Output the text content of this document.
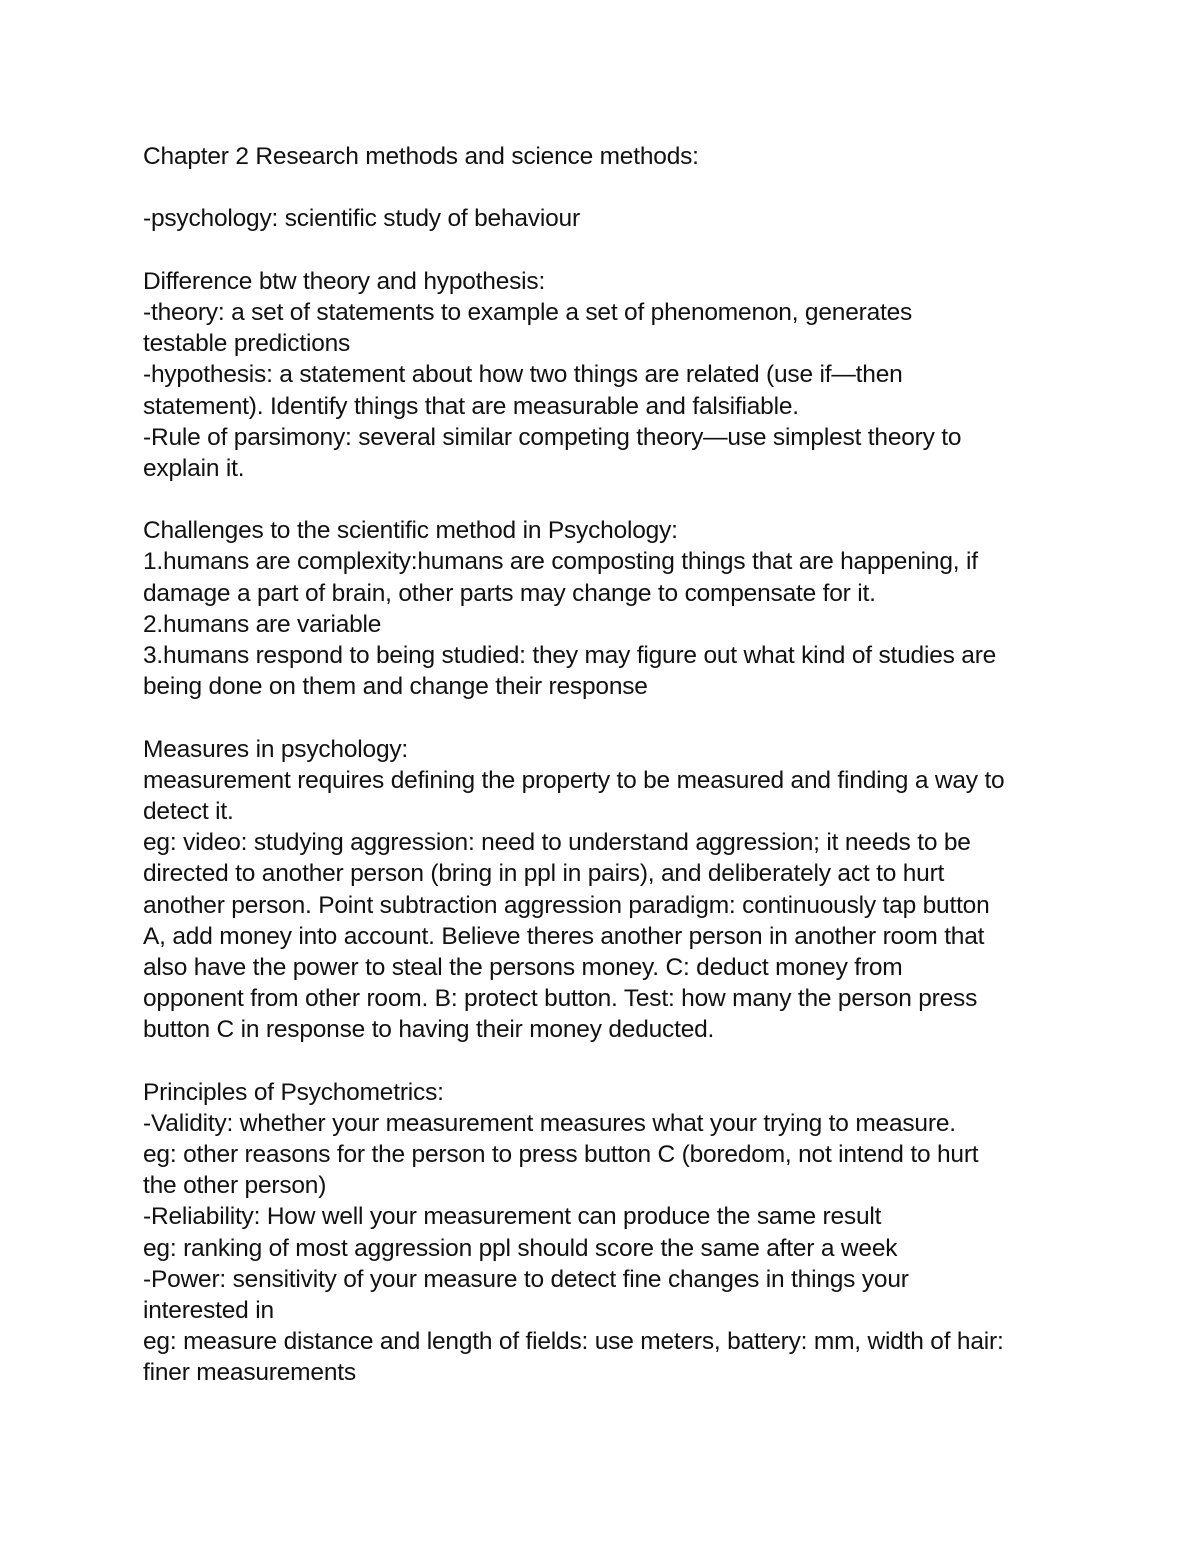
Chapter 2 Research methods and science methods:
-psychology: scientific study of behaviour
Difference btw theory and hypothesis:
-theory: a set of statements to example a set of phenomenon, generates
testable predictions
-hypothesis: a statement about how two things are related (use if—then
statement). Identify things that are measurable and falsifiable.
-Rule of parsimony: several similar competing theory—use simplest theory to
explain it.
Challenges to the scientific method in Psychology:
1.humans are complexity:humans are composting things that are happening, if
damage a part of brain, other parts may change to compensate for it.
2.humans are variable
3.humans respond to being studied: they may figure out what kind of studies are
being done on them and change their response
Measures in psychology:
measurement requires defining the property to be measured and finding a way to
detect it.
eg: video: studying aggression: need to understand aggression; it needs to be
directed to another person (bring in ppl in pairs), and deliberately act to hurt
another person. Point subtraction aggression paradigm: continuously tap button
A, add money into account. Believe theres another person in another room that
also have the power to steal the persons money. C: deduct money from
opponent from other room. B: protect button. Test: how many the person press
button C in response to having their money deducted.
Principles of Psychometrics:
-Validity: whether your measurement measures what your trying to measure.
eg: other reasons for the person to press button C (boredom, not intend to hurt
the other person)
-Reliability: How well your measurement can produce the same result
eg: ranking of most aggression ppl should score the same after a week
-Power: sensitivity of your measure to detect fine changes in things your
interested in
eg: measure distance and length of fields: use meters, battery: mm, width of hair:
finer measurements
